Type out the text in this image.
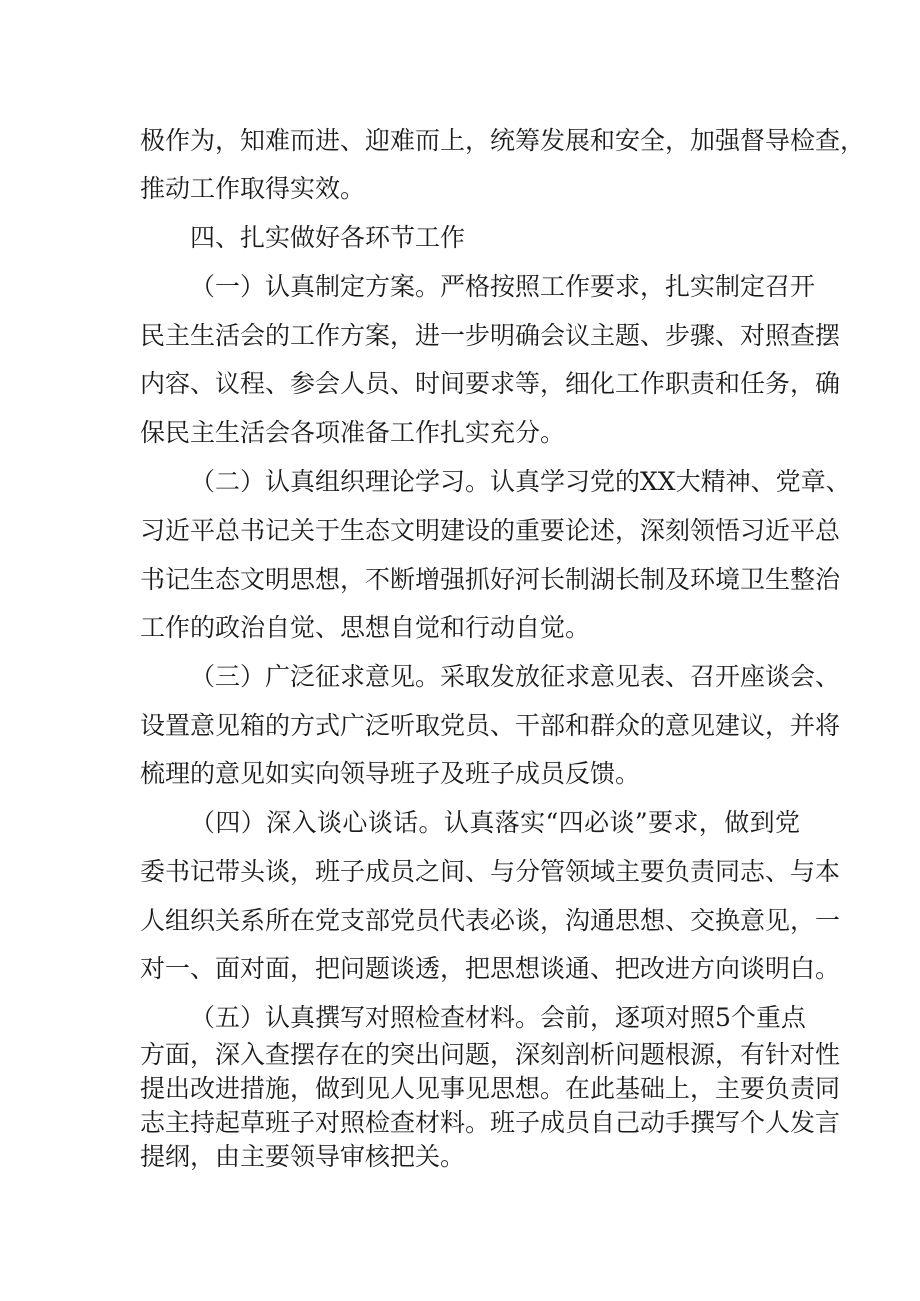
极作为，知难而进、迎难而上，统筹发展和安全，加强督导检查，
推动工作取得实效。
四、扎实做好各环节工作
（一）认真制定方案。严格按照工作要求，扎实制定召开
民主生活会的工作方案，进一步明确会议主题、步骤、对照查摆
内容、议程、参会人员、时间要求等，细化工作职责和任务，确
保民主生活会各项准备工作扎实充分。
（二）认真组织理论学习。认真学习党的XX大精神、党章、
习近平总书记关于生态文明建设的重要论述，深刻领悟习近平总
书记生态文明思想，不断增强抓好河长制湖长制及环境卫生整治
工作的政治自觉、思想自觉和行动自觉。
（三）广泛征求意见。采取发放征求意见表、召开座谈会、
设置意见箱的方式广泛听取党员、干部和群众的意见建议，并将
梳理的意见如实向领导班子及班子成员反馈。
（四）深入谈心谈话。认真落实“四必谈”要求，做到党
委书记带头谈，班子成员之间、与分管领域主要负责同志、与本
人组织关系所在党支部党员代表必谈，沟通思想、交换意见，一
对一、面对面，把问题谈透，把思想谈通、把改进方向谈明白。
（五）认真撰写对照检查材料。会前，逐项对照5个重点
方面，深入查摆存在的突出问题，深刻剖析问题根源，有针对性
提出改进措施，做到见人见事见思想。在此基础上，主要负责同
志主持起草班子对照检查材料。班子成员自己动手撰写个人发言
提纲，由主要领导审核把关。
